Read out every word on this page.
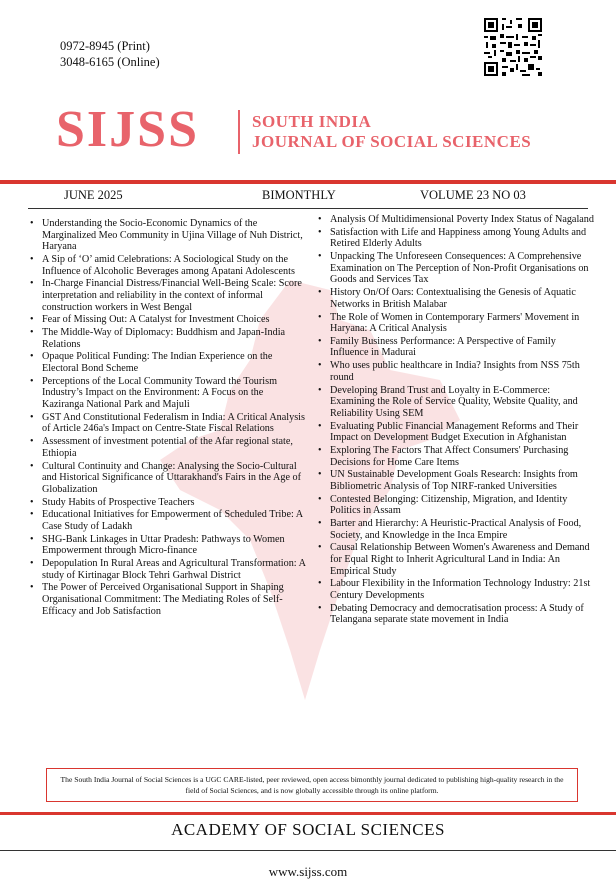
0972-8945 (Print)
3048-6165 (Online)
SIJSS	SOUTH INDIA
JOURNAL OF SOCIAL SCIENCES
JUNE 2025	BIMONTHLY	VOLUME 23 NO 03
• Understanding the Socio-Economic Dynamics of the Marginalized Meo Community in Ujina Village of Nuh District, Haryana
• A Sip of ‘O’ amid Celebrations: A Sociological Study on the Influence of Alcoholic Beverages among Apatani Adolescents
• In-Charge Financial Distress/Financial Well-Being Scale: Score interpretation and reliability in the context of informal construction workers in West Bengal
• Fear of Missing Out: A Catalyst for Investment Choices
• The Middle-Way of Diplomacy: Buddhism and Japan-India Relations
• Opaque Political Funding: The Indian Experience on the Electoral Bond Scheme
• Perceptions of the Local Community Toward the Tourism Industry’s Impact on the Environment: A Focus on the Kaziranga National Park and Majuli
• GST And Constitutional Federalism in India: A Critical Analysis of Article 246a's Impact on Centre-State Fiscal Relations
• Assessment of investment potential of the Afar regional state, Ethiopia
• Cultural Continuity and Change: Analysing the Socio-Cultural and Historical Significance of Uttarakhand's Fairs in the Age of Globalization
• Study Habits of Prospective Teachers
• Educational Initiatives for Empowerment of Scheduled Tribe: A Case Study of Ladakh
• SHG-Bank Linkages in Uttar Pradesh: Pathways to Women Empowerment through Micro-finance
• Depopulation In Rural Areas and Agricultural Transformation: A study of Kirtinagar Block Tehri Garhwal District
• The Power of Perceived Organisational Support in Shaping Organisational Commitment: The Mediating Roles of Self-Efficacy and Job Satisfaction
• Analysis Of Multidimensional Poverty Index Status of Nagaland
• Satisfaction with Life and Happiness among Young Adults and Retired Elderly Adults
• Unpacking The Unforeseen Consequences: A Comprehensive Examination on The Perception of Non-Profit Organisations on Goods and Services Tax
• History On/Of Oars: Contextualising the Genesis of Aquatic Networks in British Malabar
• The Role of Women in Contemporary Farmers' Movement in Haryana: A Critical Analysis
• Family Business Performance: A Perspective of Family Influence in Madurai
• Who uses public healthcare in India? Insights from NSS 75th round
• Developing Brand Trust and Loyalty in E-Commerce: Examining the Role of Service Quality, Website Quality, and Reliability Using SEM
• Evaluating Public Financial Management Reforms and Their Impact on Development Budget Execution in Afghanistan
• Exploring The Factors That Affect Consumers' Purchasing Decisions for Home Care Items
• UN Sustainable Development Goals Research: Insights from Bibliometric Analysis of Top NIRF-ranked Universities
• Contested Belonging: Citizenship, Migration, and Identity Politics in Assam
• Barter and Hierarchy: A Heuristic-Practical Analysis of Food, Society, and Knowledge in the Inca Empire
• Causal Relationship Between Women's Awareness and Demand for Equal Right to Inherit Agricultural Land in India: An Empirical Study
• Labour Flexibility in the Information Technology Industry: 21st Century Developments
• Debating Democracy and democratisation process: A Study of Telangana separate state movement in India
The South India Journal of Social Sciences is a UGC CARE-listed, peer reviewed, open access bimonthly journal dedicated to publishing high-quality research in the field of Social Sciences, and is now globally accessible through its online platform.
ACADEMY OF SOCIAL SCIENCES
www.sijss.com
